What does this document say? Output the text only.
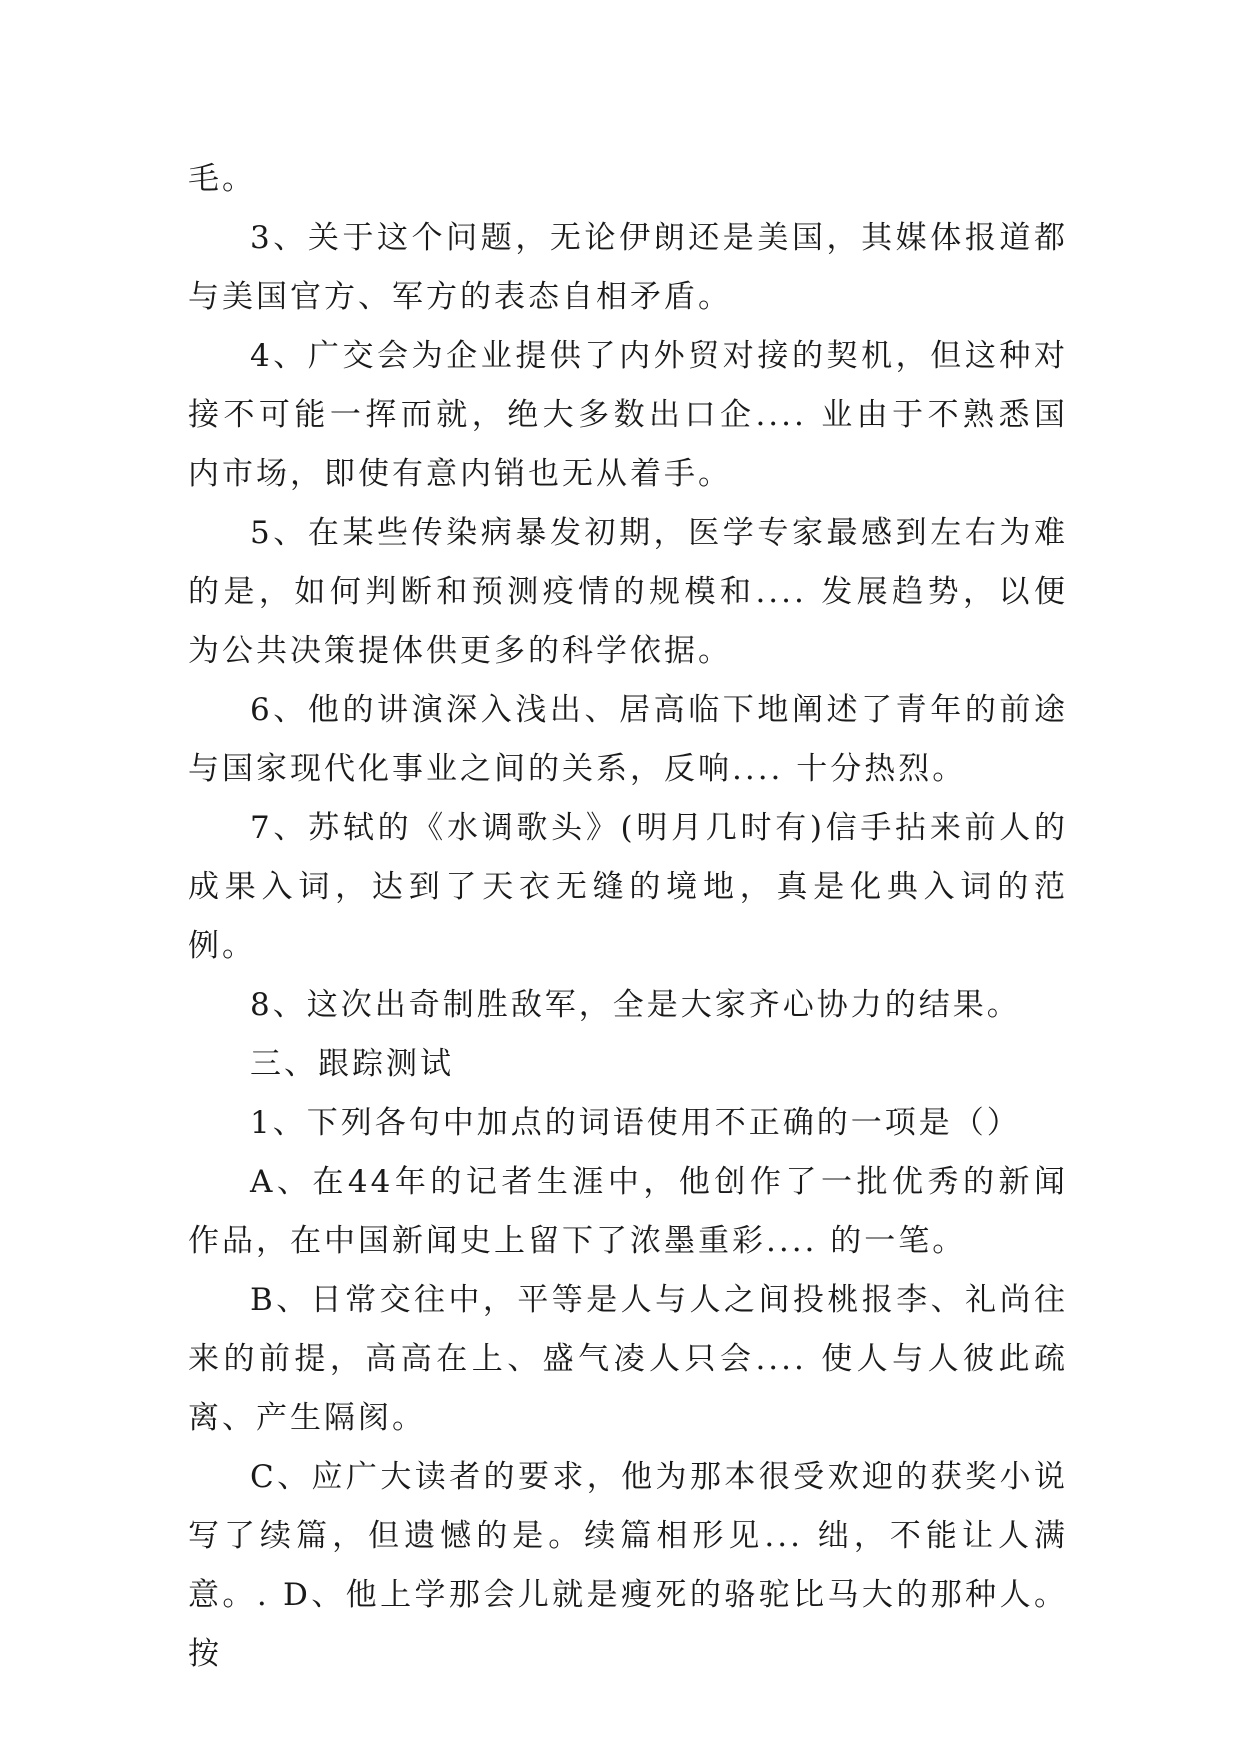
毛。

3、关于这个问题，无论伊朗还是美国，其媒体报道都与美国官方、军方的表态自相矛盾。

4、广交会为企业提供了内外贸对接的契机，但这种对接不可能一挥而就，绝大多数出口企.... 业由于不熟悉国内市场，即使有意内销也无从着手。

5、在某些传染病暴发初期，医学专家最感到左右为难的是，如何判断和预测疫情的规模和.... 发展趋势，以便为公共决策提体供更多的科学依据。

6、他的讲演深入浅出、居高临下地阐述了青年的前途与国家现代化事业之间的关系，反响.... 十分热烈。

7、苏轼的《水调歌头》(明月几时有)信手拈来前人的成果入词，达到了天衣无缝的境地，真是化典入词的范例。

8、这次出奇制胜敌军，全是大家齐心协力的结果。

三、跟踪测试

1、下列各句中加点的词语使用不正确的一项是（）

A、在44年的记者生涯中，他创作了一批优秀的新闻作品，在中国新闻史上留下了浓墨重彩.... 的一笔。

B、日常交往中，平等是人与人之间投桃报李、礼尚往来的前提，高高在上、盛气凌人只会.... 使人与人彼此疏离、产生隔阂。

C、应广大读者的要求，他为那本很受欢迎的获奖小说写了续篇，但遗憾的是。续篇相形见... 绌，不能让人满意。. D、他上学那会儿就是瘦死的骆驼比马大的那种人。按
